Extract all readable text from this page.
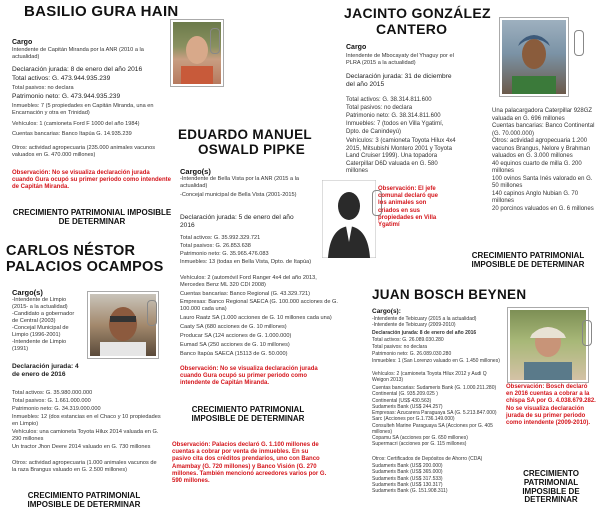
BASILIO GURA HAIN
Cargo
Intendente de Capitán Miranda por la ANR (2010 a la actualidad)
Declaración jurada: 8 de enero del año 2016
Total activos: G. 473.944.935.239
Total pasivos: no declara
Patrimonio neto: G. 473.944.935.239
Inmuebles: 7 (5 propiedades en Capitán Miranda, una en Encarnación y otra en Trinidad)
Vehículos: 1 (camioneta Ford F 1000 del año 1984)
Cuentas bancarias: Banco Itapúa G. 14.935.239
Otros: actividad agropecuaria (235.000 animales vacunos valuados en G. 470.000 millones)
Observación: No se visualiza declaración jurada cuando Gura ocupó su primer periodo como intendente de Capitán Miranda.
CRECIMIENTO PATRIMONIAL IMPOSIBLE DE DETERMINAR
CARLOS NÉSTOR
PALACIOS OCAMPOS
Cargo(s)
-Intendente de Limpio (2015- a la actualidad)
-Candidato a gobernador de Central (2003)
-Concejal Municipal de Limpio (1996-2001)
-Intendente de Limpio (1991)
Declaración jurada: 4 de enero de 2016
Total activos: G. 35.980.000.000
Total pasivos: G. 1.661.000.000
Patrimonio neto: G. 34.319.000.000
Inmuebles: 12 (dos estancias en el Chaco y 10 propiedades en Limpio)
Vehículos: una camioneta Toyota Hilux 2014 valuada en G. 290 millones
Un tractor Jhon Deere 2014 valuado en G. 730 millones
Otros: actividad agropecuaria (1.000 animales vacunos de la raza Brangus valuado en G. 2.500 millones)
CRECIMIENTO PATRIMONIAL IMPOSIBLE DE DETERMINAR
EDUARDO MANUEL
OSWALD PIPKE
Cargo(s)
-Intendente de Bella Vista por la ANR (2015 a la actualidad)
-Concejal municipal de Bella Vista (2001-2015)
Declaración jurada: 5 de enero del año 2016
Total activos: G. 35.992.329.721
Total pasivos: G. 26.853.638
Patrimonio neto: G. 35.965.476.083
Inmuebles: 13 (todas en Bella Vista, Dpto. de Itapúa)
Vehículos: 2 (automóvil Ford Ranger 4x4 del año 2013, Mercedes Benz ML 320 CDI 2008)
Cuentas bancarias: Banco Regional (G. 43.329.721)
Empresas: Banco Regional SAECA (G. 100.000 acciones de G. 100.000 cada una)
Lauro Raatz SA (1.000 acciones de G. 10 millones cada una)
Caaty SA (680 acciones de G. 10 millones)
Producar SA (124 acciones de G. 1.000.000)
Eumad SA (250 acciones de G. 10 millones)
Banco Itapúa SAECA (15113 de G. 50.000)
Observación: No se visualiza declaración jurada cuando Gura ocupó su primer periodo como intendente de Capitán Miranda.
CRECIMIENTO PATRIMONIAL IMPOSIBLE DE DETERMINAR
Observación: Palacios declaró G. 1.100 millones de cuentas a cobrar por venta de inmuebles. En su pasivo cita dos créditos prendarios, uno con Banco Amambay (G. 720 millones) y Banco Visión (G. 270 millones. También mencionó acreedores varios por G. 590 millones.
JACINTO GONZÁLEZ
CANTERO
Cargo
Intendente de Mbocayaty del Yhaguy por el PLRA (2015 a la actualidad)
Declaración jurada: 31 de diciembre del año 2015
Total activos: G. 38.314.811.600
Total pasivos: no declara
Patrimonio neto: G. 38.314.811.600
Inmuebles: 7 (todos en Villa Ygatimí, Dpto. de Canindeyú)
Vehículos: 3 (camioneta Toyota Hilux 4x4 2015, Mitsubishi Montero 2001 y Toyota Land Cruiser 1999). Una topadora Caterpillar D6D valuada en G. 580 millones
Una palacargadora Caterpillar 928GZ valuada en G. 696 millones
Cuentas bancarias: Banco Continental (G. 70.000.000)
Otros: actividad agropecuaria 1.200 vacunos Brangus, Nelore y Brahman valuados en G. 3.000 millones
40 equinos cuarto de milla G. 200 millones
100 ovinos Santa Inés valorado en G. 50 millones
140 capinos Anglo Nubian G. 70 millones
20 porcinos valuados en G. 6 millones
Observación: El jefe comunal declaró que los animales son criados en sus propiedades en Villa Ygatimí
CRECIMIENTO PATRIMONIAL IMPOSIBLE DE DETERMINAR
JUAN BOSCH BEYNEN
Cargo(s):
-Intendente de Tebicuary (2015 a la actualidad)
-Intendente de Tebicuary (2009-2010)
Declaración jurada: 8 de enero del año 2016
Total activos: G. 26.089.030.280
Total pasivos: no declara
Patrimonio neto: G. 26.089.030.280
Inmuebles: 1 (San Lorenzo valuado en G. 1.450 millones)
Vehículos: 2 (camioneta Toyota Hilux 2012 y Audi Q Weigon 2013)
Cuentas bancarias: Sudameris Bank (G. 1.000.211.280)
Continental (G. 935.209.025 )
Continental (US$ 430.563)
Sudameris Bank (US$ 244.257)
Empresas: Azucarera Paraguaya SA (G. 5.213.847.000)
Sarc (Acciones por G.1.736.149.000)
Consulteh Marine Paraguaya SA (Acciones por G. 405 millones)
Copamu SA (acciones por G. 650 millones)
Supermacri (acciones por G. 115 millones)
Otros: Certificados de Depósitos de Ahorro (CDA)
Sudameris Bank (US$ 200.000)
Sudameris Bank (US$ 365.000)
Sudameris Bank (US$ 317.533)
Sudameris Bank (US$ 130.317)
Sudameris Bank (G. 151.908.311)
Observación: Bosch declaró en 2016 cuentas a cobrar a la chispa SA por G. 4.038.679.282. No se visualiza declaración jurada de su primer periodo como intendente (2009-2010).
CRECIMIENTO PATRIMONIAL IMPOSIBLE DE DETERMINAR
